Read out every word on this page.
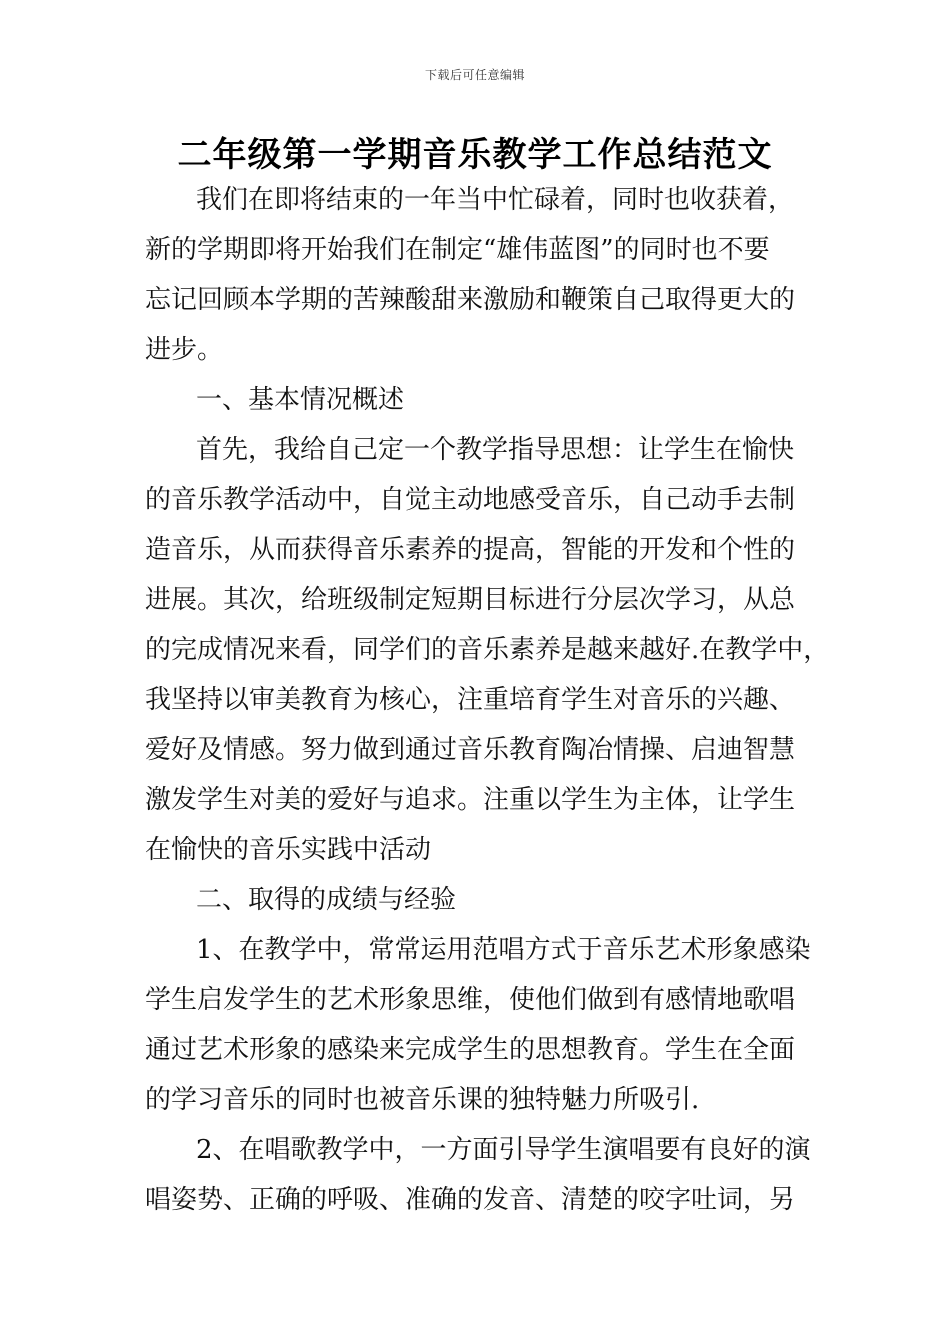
下载后可任意编辑
二年级第一学期音乐教学工作总结范文

我们在即将结束的一年当中忙碌着，同时也收获着，

新的学期即将开始我们在制定“雄伟蓝图”的同时也不要

忘记回顾本学期的苦辣酸甜来激励和鞭策自己取得更大的

进步。

一、基本情况概述

首先，我给自己定一个教学指导思想：让学生在愉快

的音乐教学活动中，自觉主动地感受音乐，自己动手去制

造音乐，从而获得音乐素养的提高，智能的开发和个性的

进展。其次，给班级制定短期目标进行分层次学习，从总

的完成情况来看，同学们的音乐素养是越来越好.在教学中，

我坚持以审美教育为核心，注重培育学生对音乐的兴趣、

爱好及情感。努力做到通过音乐教育陶冶情操、启迪智慧

激发学生对美的爱好与追求。注重以学生为主体，让学生

在愉快的音乐实践中活动

二、取得的成绩与经验

1、在教学中，常常运用范唱方式于音乐艺术形象感染

学生启发学生的艺术形象思维，使他们做到有感情地歌唱

通过艺术形象的感染来完成学生的思想教育。学生在全面

的学习音乐的同时也被音乐课的独特魅力所吸引.

2、在唱歌教学中，一方面引导学生演唱要有良好的演

唱姿势、正确的呼吸、准确的发音、清楚的咬字吐词，另
